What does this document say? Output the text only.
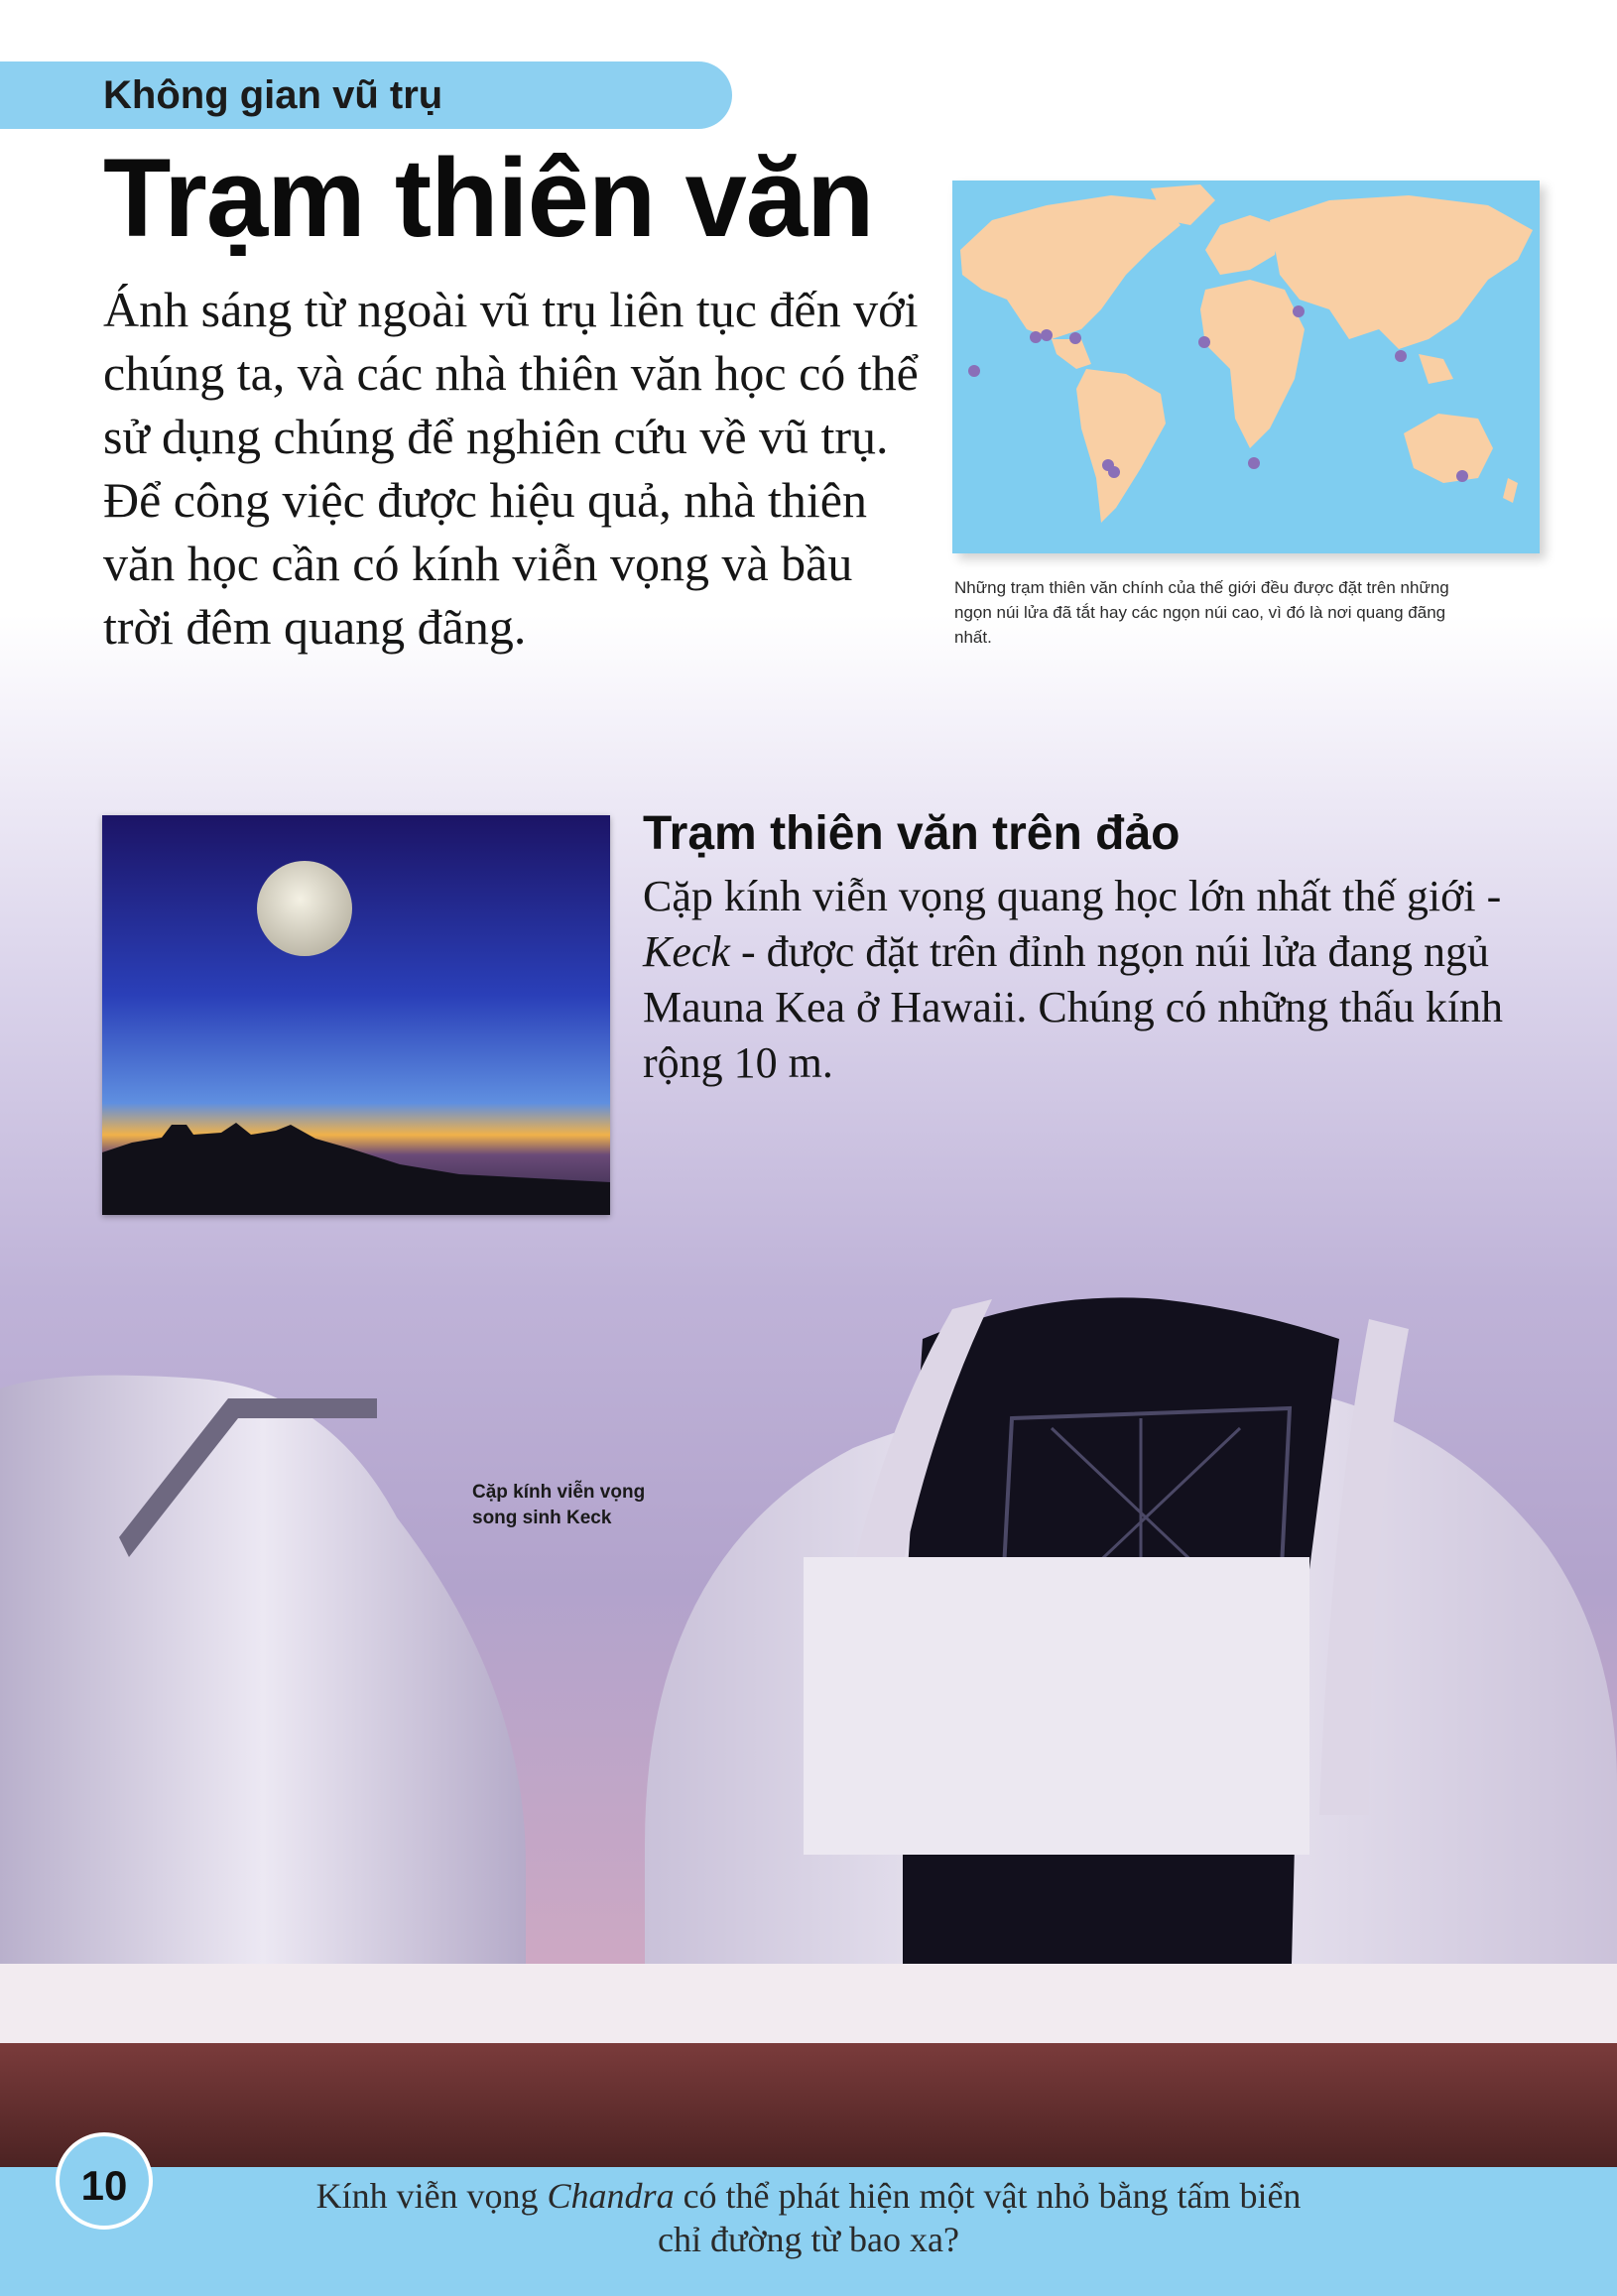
Không gian vũ trụ
Trạm thiên văn

Ánh sáng từ ngoài vũ trụ liên tục đến với chúng ta, và các nhà thiên văn học có thể sử dụng chúng để nghiên cứu về vũ trụ. Để công việc được hiệu quả, nhà thiên văn học cần có kính viễn vọng và bầu trời đêm quang đãng.

Những trạm thiên văn chính của thế giới đều được đặt trên những ngọn núi lửa đã tắt hay các ngọn núi cao, vì đó là nơi quang đãng nhất.

Trạm thiên văn trên đảo

Cặp kính viễn vọng quang học lớn nhất thế giới - Keck - được đặt trên đỉnh ngọn núi lửa đang ngủ Mauna Kea ở Hawaii. Chúng có những thấu kính rộng 10 m.

Cặp kính viễn vọng song sinh Keck

10	Kính viễn vọng Chandra có thể phát hiện một vật nhỏ bằng tấm biển chỉ đường từ bao xa?
